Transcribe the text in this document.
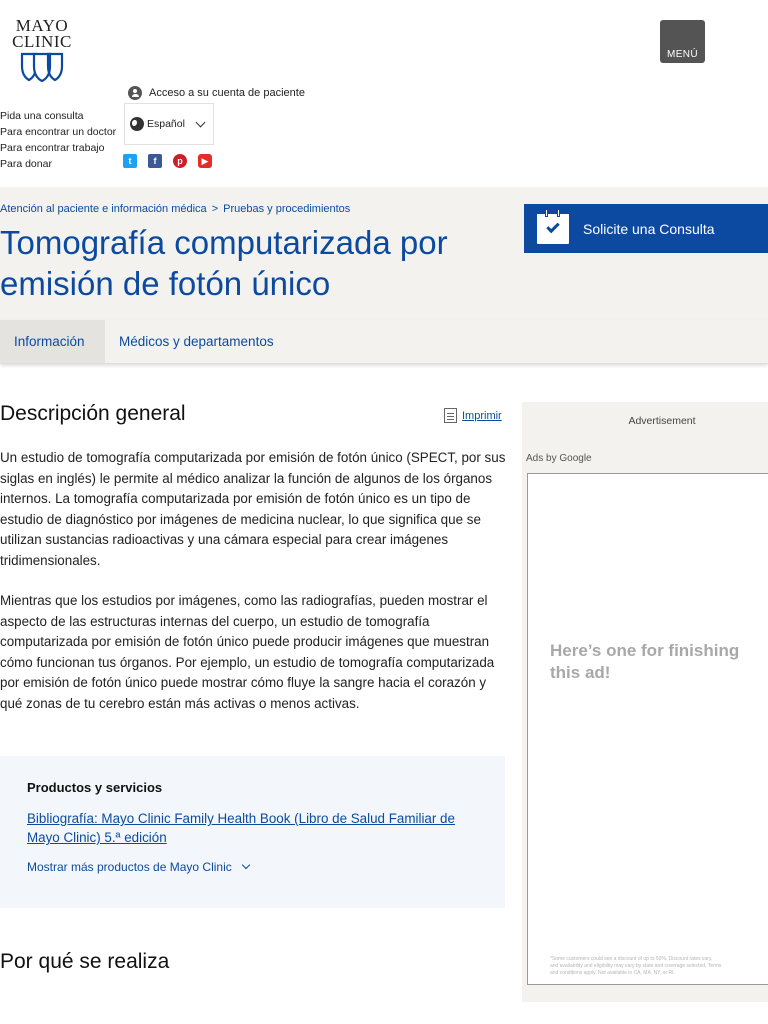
MAYO
CLINIC
MENÚ
Acceso a su cuenta de paciente
Pida una consulta
Para encontrar un doctor
Para encontrar trabajo
Para donar
Español
t	f	p	▶
Atención al paciente e información médica > Pruebas y procedimientos
Tomografía computarizada por emisión de fotón único
Solicite una Consulta
Información	Médicos y departamentos
Descripción general	Imprimir

Un estudio de tomografía computarizada por emisión de fotón único (SPECT, por sus siglas en inglés) le permite al médico analizar la función de algunos de los órganos internos. La tomografía computarizada por emisión de fotón único es un tipo de estudio de diagnóstico por imágenes de medicina nuclear, lo que significa que se utilizan sustancias radioactivas y una cámara especial para crear imágenes tridimensionales.

Mientras que los estudios por imágenes, como las radiografías, pueden mostrar el aspecto de las estructuras internas del cuerpo, un estudio de tomografía computarizada por emisión de fotón único puede producir imágenes que muestran cómo funcionan tus órganos. Por ejemplo, un estudio de tomografía computarizada por emisión de fotón único puede mostrar cómo fluye la sangre hacia el corazón y qué zonas de tu cerebro están más activas o menos activas.

Productos y servicios
Bibliografía: Mayo Clinic Family Health Book (Libro de Salud Familiar de Mayo Clinic) 5.ª edición
Mostrar más productos de Mayo Clinic
Por qué se realiza
Advertisement
Ads by Google
Here’s one for finishing this ad!
*Some customers could see a discount of up to 50%. Discount rates vary, and availability and eligibility may vary by state and coverage selected. Terms and conditions apply. Not available in CA, MA, NY, or RI.
